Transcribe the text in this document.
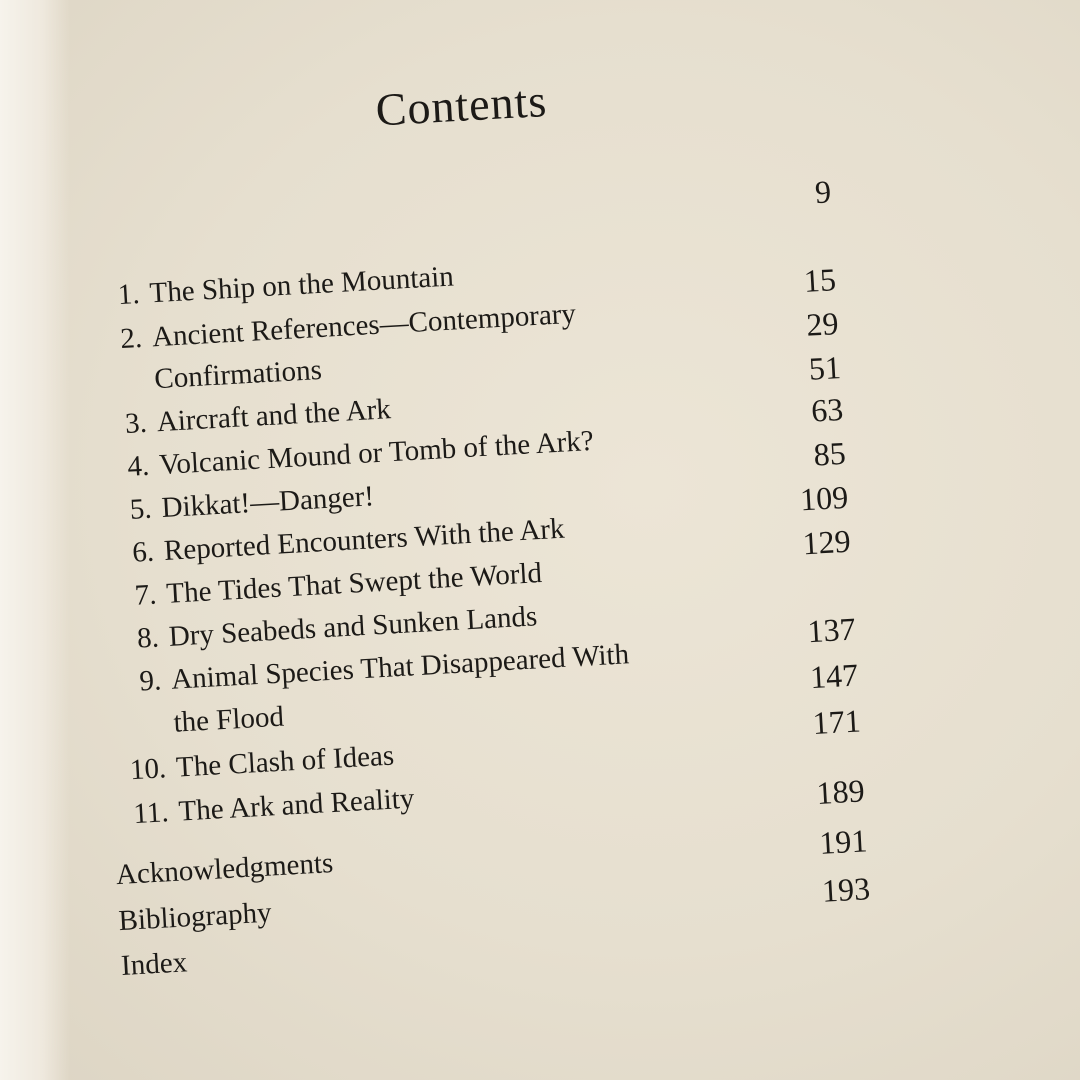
Contents
9
1. The Ship on the Mountain
2. Ancient References—Contemporary
15
Confirmations
29
3. Aircraft and the Ark
51
4. Volcanic Mound or Tomb of the Ark?
63
5. Dikkat!—Danger!
85
6. Reported Encounters With the Ark
109
7. The Tides That Swept the World
129
8. Dry Seabeds and Sunken Lands
9. Animal Species That Disappeared With
137
the Flood
147
10. The Clash of Ideas
171
11. The Ark and Reality
Acknowledgments
189
Bibliography
191
Index
193
